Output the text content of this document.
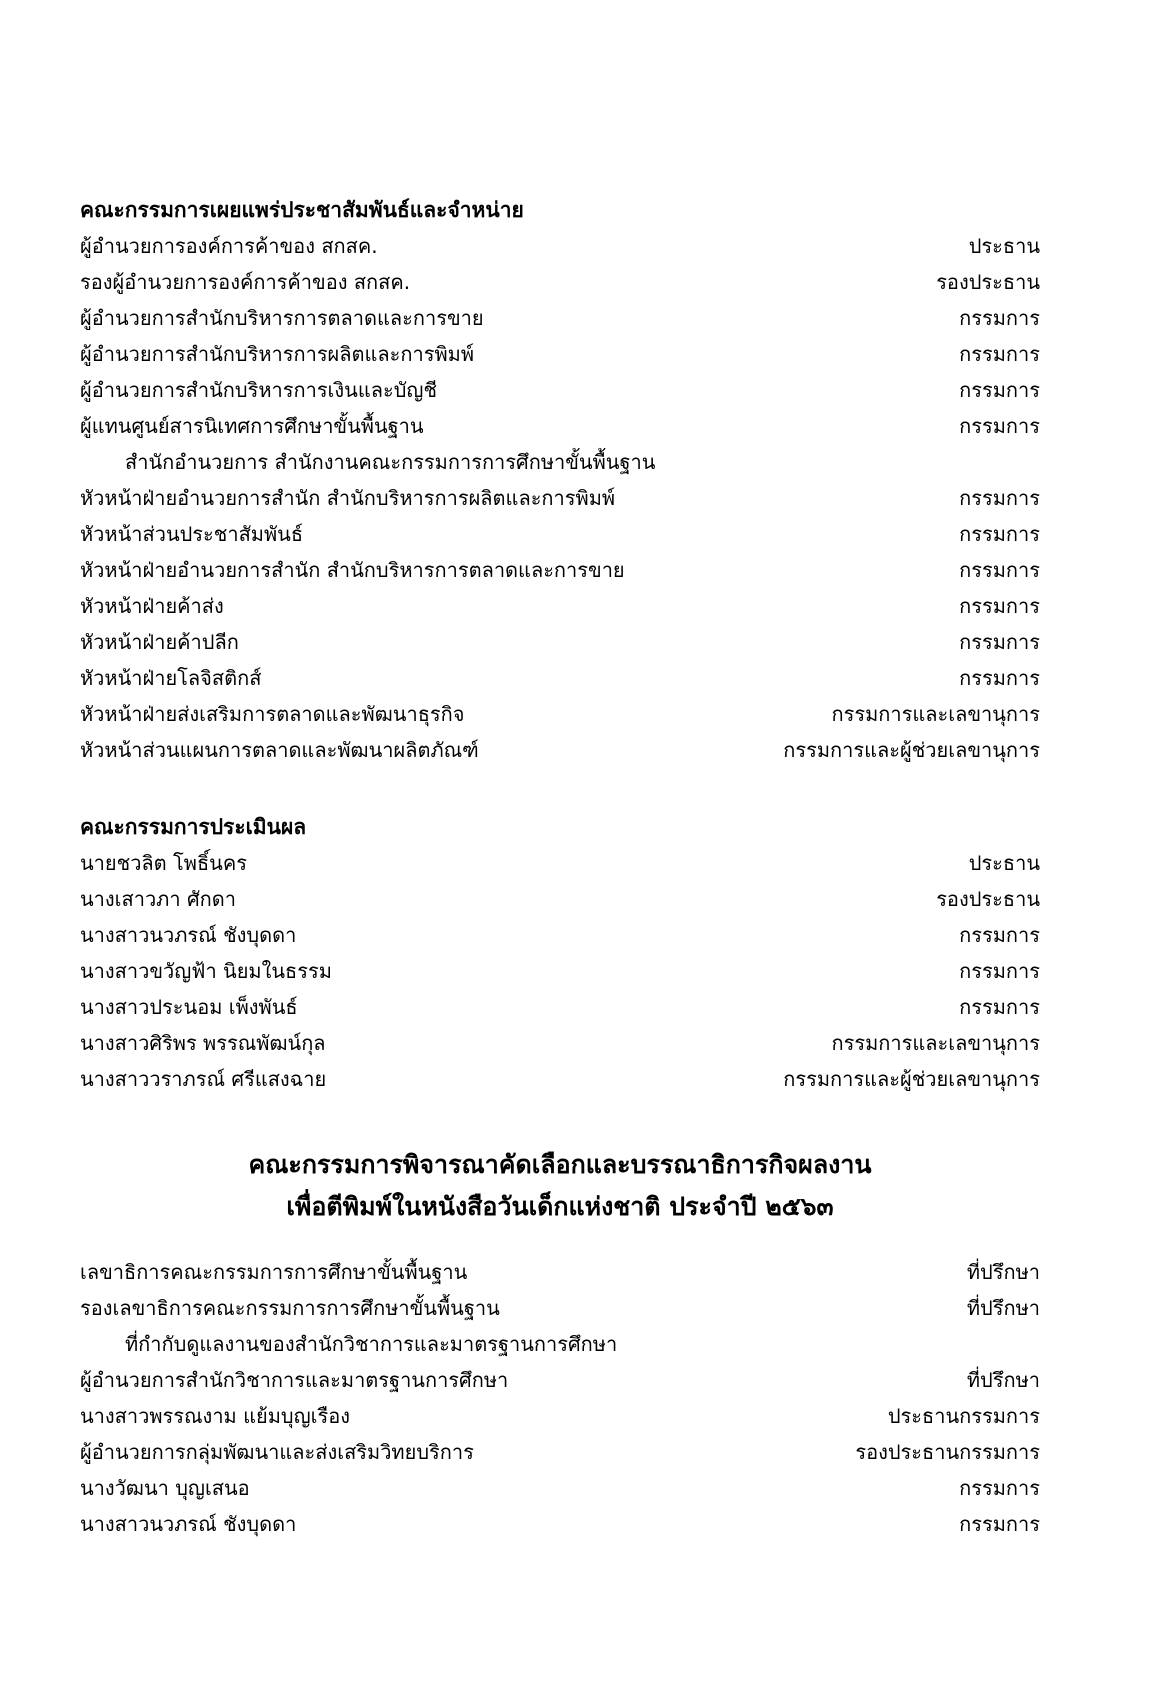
คณะกรรมการเผยแพร่ประชาสัมพันธ์และจำหน่าย
ผู้อำนวยการองค์การค้าของ สกสค.	ประธาน
รองผู้อำนวยการองค์การค้าของ สกสค.	รองประธาน
ผู้อำนวยการสำนักบริหารการตลาดและการขาย	กรรมการ
ผู้อำนวยการสำนักบริหารการผลิตและการพิมพ์	กรรมการ
ผู้อำนวยการสำนักบริหารการเงินและบัญชี	กรรมการ
ผู้แทนศูนย์สารนิเทศการศึกษาขั้นพื้นฐาน	กรรมการ
สำนักอำนวยการ สำนักงานคณะกรรมการการศึกษาขั้นพื้นฐาน
หัวหน้าฝ่ายอำนวยการสำนัก สำนักบริหารการผลิตและการพิมพ์	กรรมการ
หัวหน้าส่วนประชาสัมพันธ์	กรรมการ
หัวหน้าฝ่ายอำนวยการสำนัก สำนักบริหารการตลาดและการขาย	กรรมการ
หัวหน้าฝ่ายค้าส่ง	กรรมการ
หัวหน้าฝ่ายค้าปลีก	กรรมการ
หัวหน้าฝ่ายโลจิสติกส์	กรรมการ
หัวหน้าฝ่ายส่งเสริมการตลาดและพัฒนาธุรกิจ	กรรมการและเลขานุการ
หัวหน้าส่วนแผนการตลาดและพัฒนาผลิตภัณฑ์	กรรมการและผู้ช่วยเลขานุการ
คณะกรรมการประเมินผล
นายชวลิต โพธิ์นคร	ประธาน
นางเสาวภา ศักดา	รองประธาน
นางสาวนวภรณ์ ชังบุดดา	กรรมการ
นางสาวขวัญฟ้า นิยมในธรรม	กรรมการ
นางสาวประนอม เพ็งพันธ์	กรรมการ
นางสาวศิริพร พรรณพัฒน์กุล	กรรมการและเลขานุการ
นางสาววราภรณ์ ศรีแสงฉาย	กรรมการและผู้ช่วยเลขานุการ
คณะกรรมการพิจารณาคัดเลือกและบรรณาธิการกิจผลงาน
เพื่อตีพิมพ์ในหนังสือวันเด็กแห่งชาติ ประจำปี ๒๕๖๓
เลขาธิการคณะกรรมการการศึกษาขั้นพื้นฐาน	ที่ปรึกษา
รองเลขาธิการคณะกรรมการการศึกษาขั้นพื้นฐาน	ที่ปรึกษา
ที่กำกับดูแลงานของสำนักวิชาการและมาตรฐานการศึกษา
ผู้อำนวยการสำนักวิชาการและมาตรฐานการศึกษา	ที่ปรึกษา
นางสาวพรรณงาม แย้มบุญเรือง	ประธานกรรมการ
ผู้อำนวยการกลุ่มพัฒนาและส่งเสริมวิทยบริการ	รองประธานกรรมการ
นางวัฒนา บุญเสนอ	กรรมการ
นางสาวนวภรณ์ ชังบุดดา	กรรมการ
